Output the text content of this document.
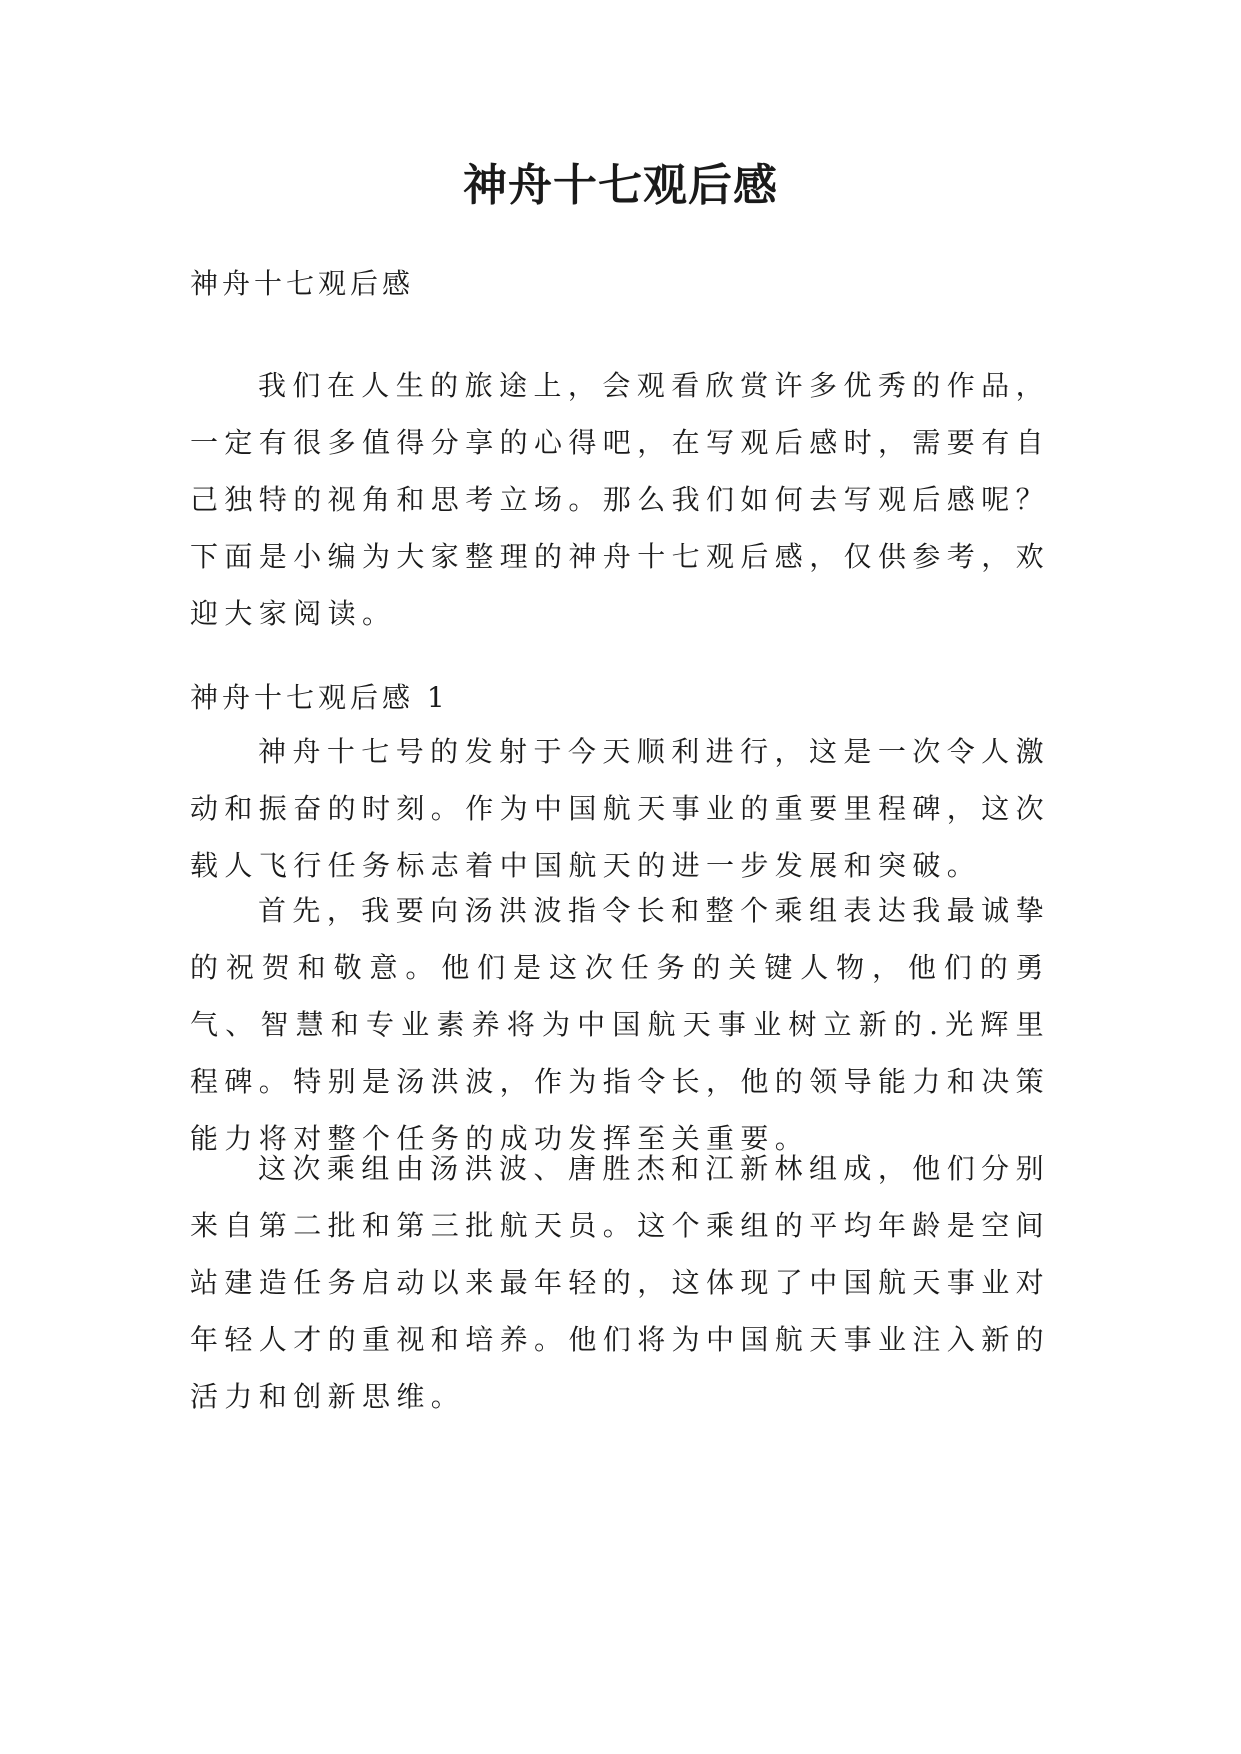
神舟十七观后感
神舟十七观后感

我们在人生的旅途上，会观看欣赏许多优秀的作品，一定有很多值得分享的心得吧，在写观后感时，需要有自己独特的视角和思考立场。那么我们如何去写观后感呢？下面是小编为大家整理的神舟十七观后感，仅供参考，欢迎大家阅读。

神舟十七观后感 1

神舟十七号的发射于今天顺利进行，这是一次令人激动和振奋的时刻。作为中国航天事业的重要里程碑，这次载人飞行任务标志着中国航天的进一步发展和突破。

首先，我要向汤洪波指令长和整个乘组表达我最诚挚的祝贺和敬意。他们是这次任务的关键人物，他们的勇气、智慧和专业素养将为中国航天事业树立新的.光辉里程碑。特别是汤洪波，作为指令长，他的领导能力和决策能力将对整个任务的成功发挥至关重要。

这次乘组由汤洪波、唐胜杰和江新林组成，他们分别来自第二批和第三批航天员。这个乘组的平均年龄是空间站建造任务启动以来最年轻的，这体现了中国航天事业对年轻人才的重视和培养。他们将为中国航天事业注入新的活力和创新思维。
